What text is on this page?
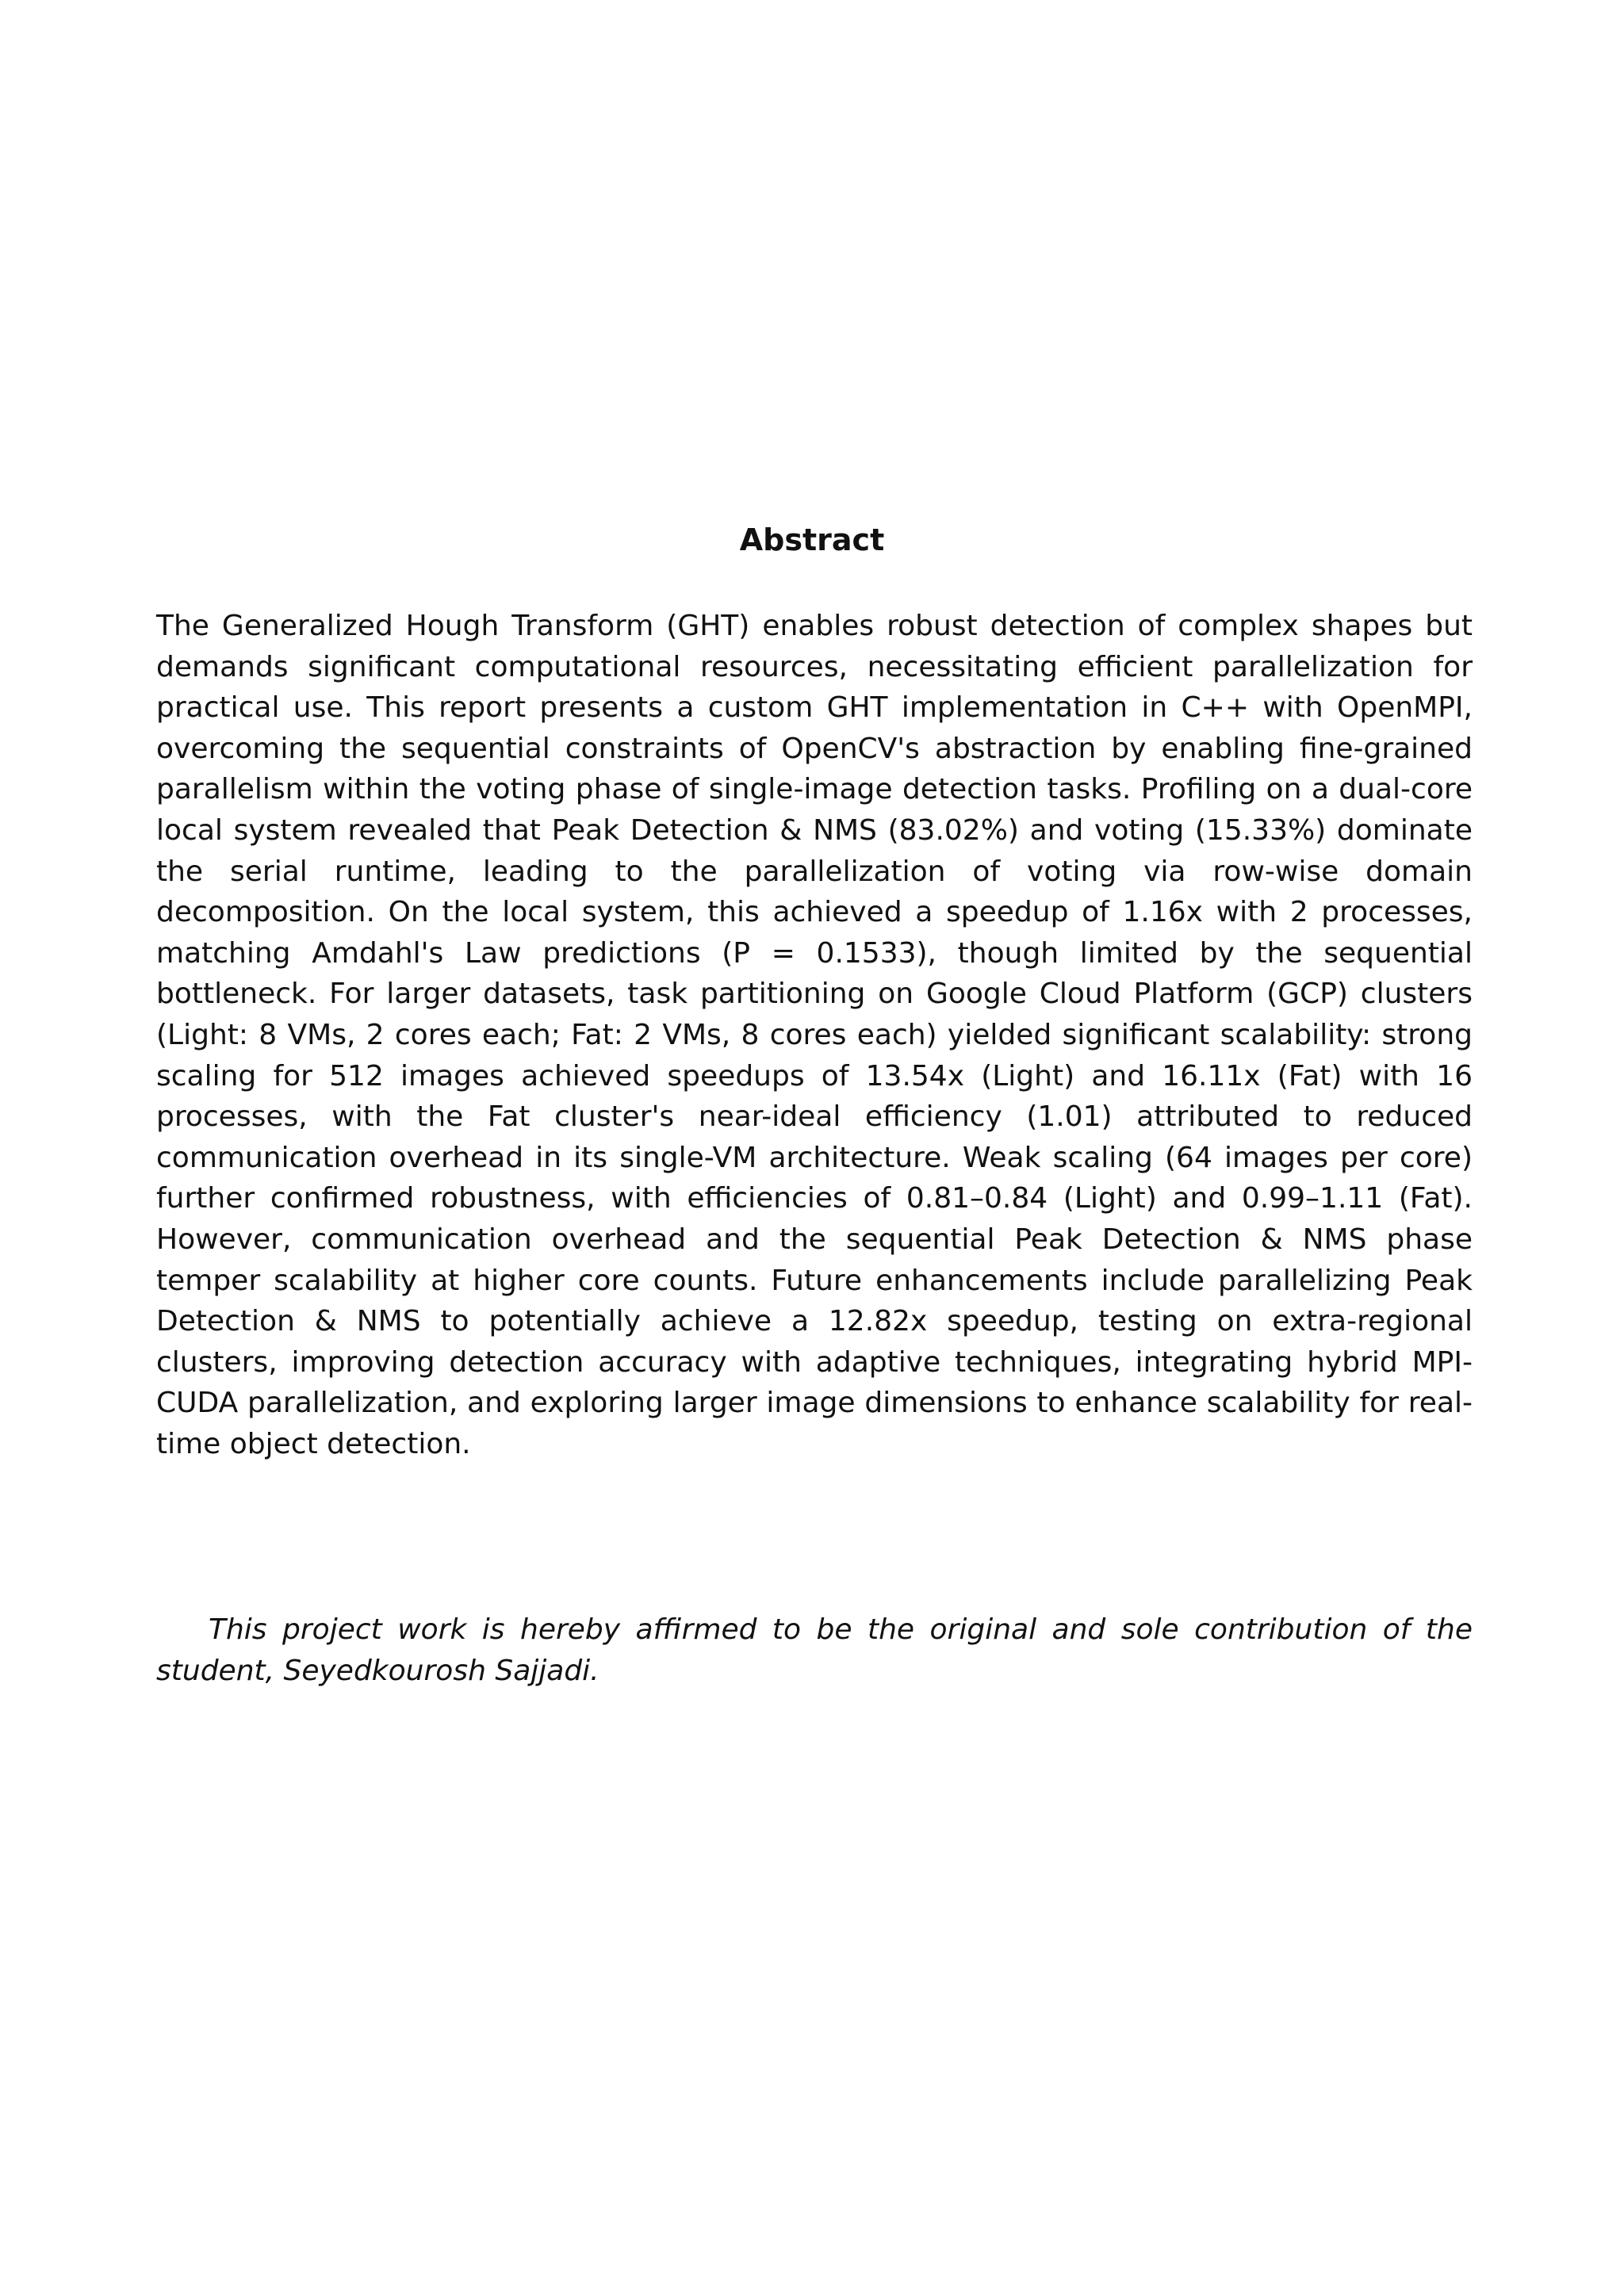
Abstract

The Generalized Hough Transform (GHT) enables robust detection of complex shapes but demands significant computational resources, necessitating efficient parallelization for practical use. This report presents a custom GHT implementation in C++ with OpenMPI, overcoming the sequential constraints of OpenCV's abstraction by enabling fine-grained parallelism within the voting phase of single-image detection tasks. Profiling on a dual-core local system revealed that Peak Detection & NMS (83.02%) and voting (15.33%) dominate the serial runtime, leading to the parallelization of voting via row-wise domain decomposition. On the local system, this achieved a speedup of 1.16x with 2 processes, matching Amdahl's Law predictions (P = 0.1533), though limited by the sequential bottleneck. For larger datasets, task partitioning on Google Cloud Platform (GCP) clusters (Light: 8 VMs, 2 cores each; Fat: 2 VMs, 8 cores each) yielded significant scalability: strong scaling for 512 images achieved speedups of 13.54x (Light) and 16.11x (Fat) with 16 processes, with the Fat cluster's near-ideal efficiency (1.01) attributed to reduced communication overhead in its single-VM architecture. Weak scaling (64 images per core) further confirmed robustness, with efficiencies of 0.81–0.84 (Light) and 0.99–1.11 (Fat). However, communication overhead and the sequential Peak Detection & NMS phase temper scalability at higher core counts. Future enhancements include parallelizing Peak Detection & NMS to potentially achieve a 12.82x speedup, testing on extra-regional clusters, improving detection accuracy with adaptive techniques, integrating hybrid MPI-CUDA parallelization, and exploring larger image dimensions to enhance scalability for real-time object detection.

This project work is hereby affirmed to be the original and sole contribution of the student, Seyedkourosh Sajjadi.
